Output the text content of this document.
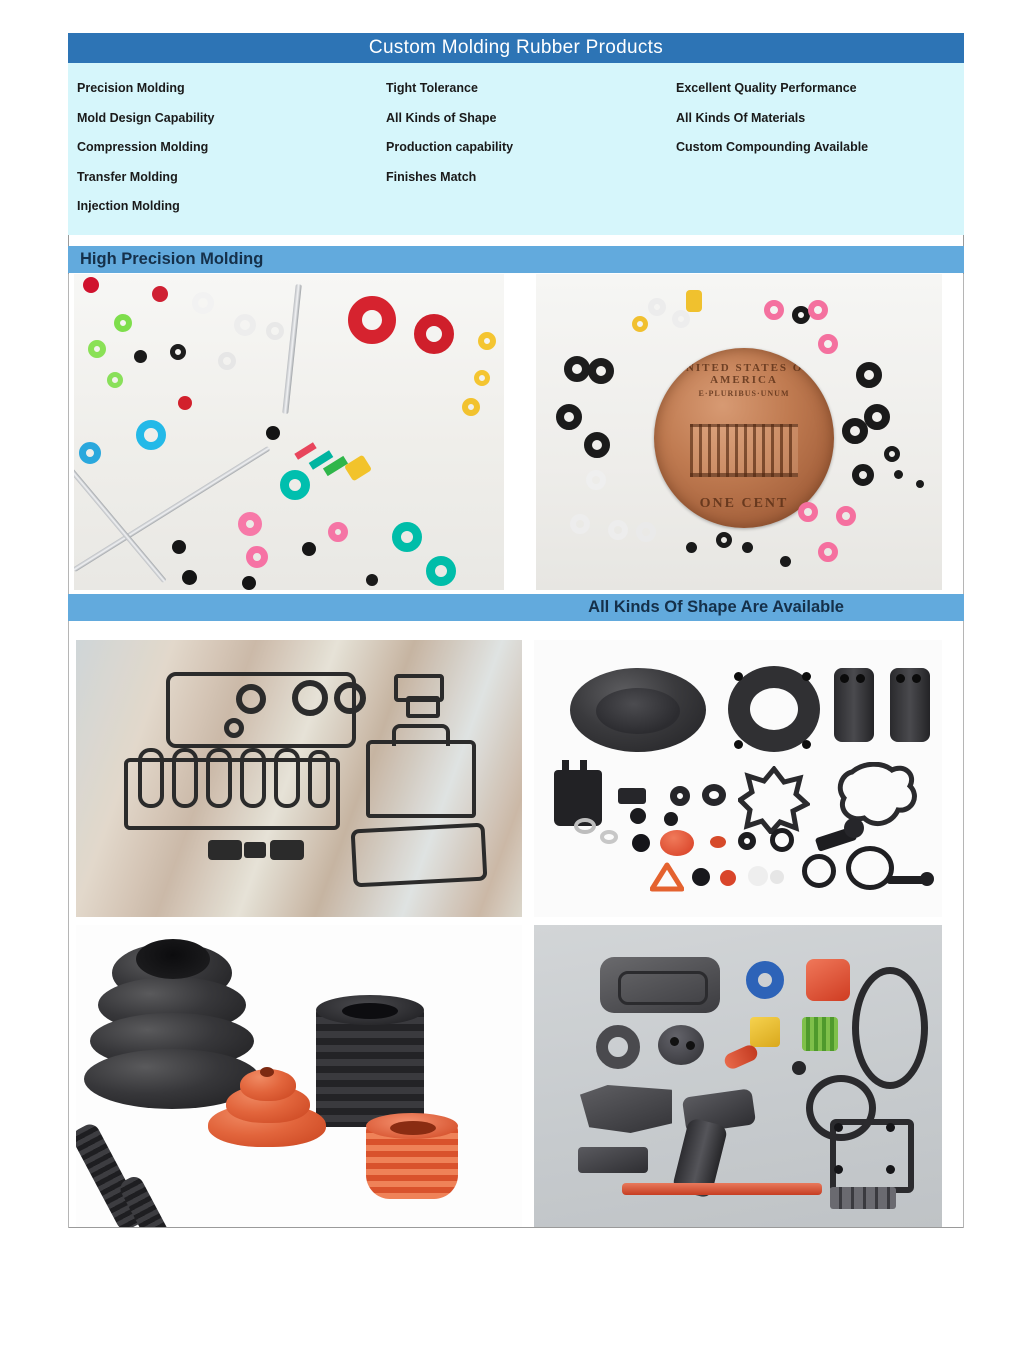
Custom Molding Rubber Products
Precision Molding
Mold Design Capability
Compression Molding
Transfer Molding
Injection Molding
Tight Tolerance
All Kinds of Shape
Production capability
Finishes Match
Excellent Quality Performance
All Kinds Of Materials
Custom Compounding Available
High Precision Molding
UNITED STATES OF AMERICA
E·PLURIBUS·UNUM
ONE CENT
All Kinds Of Shape Are Available
